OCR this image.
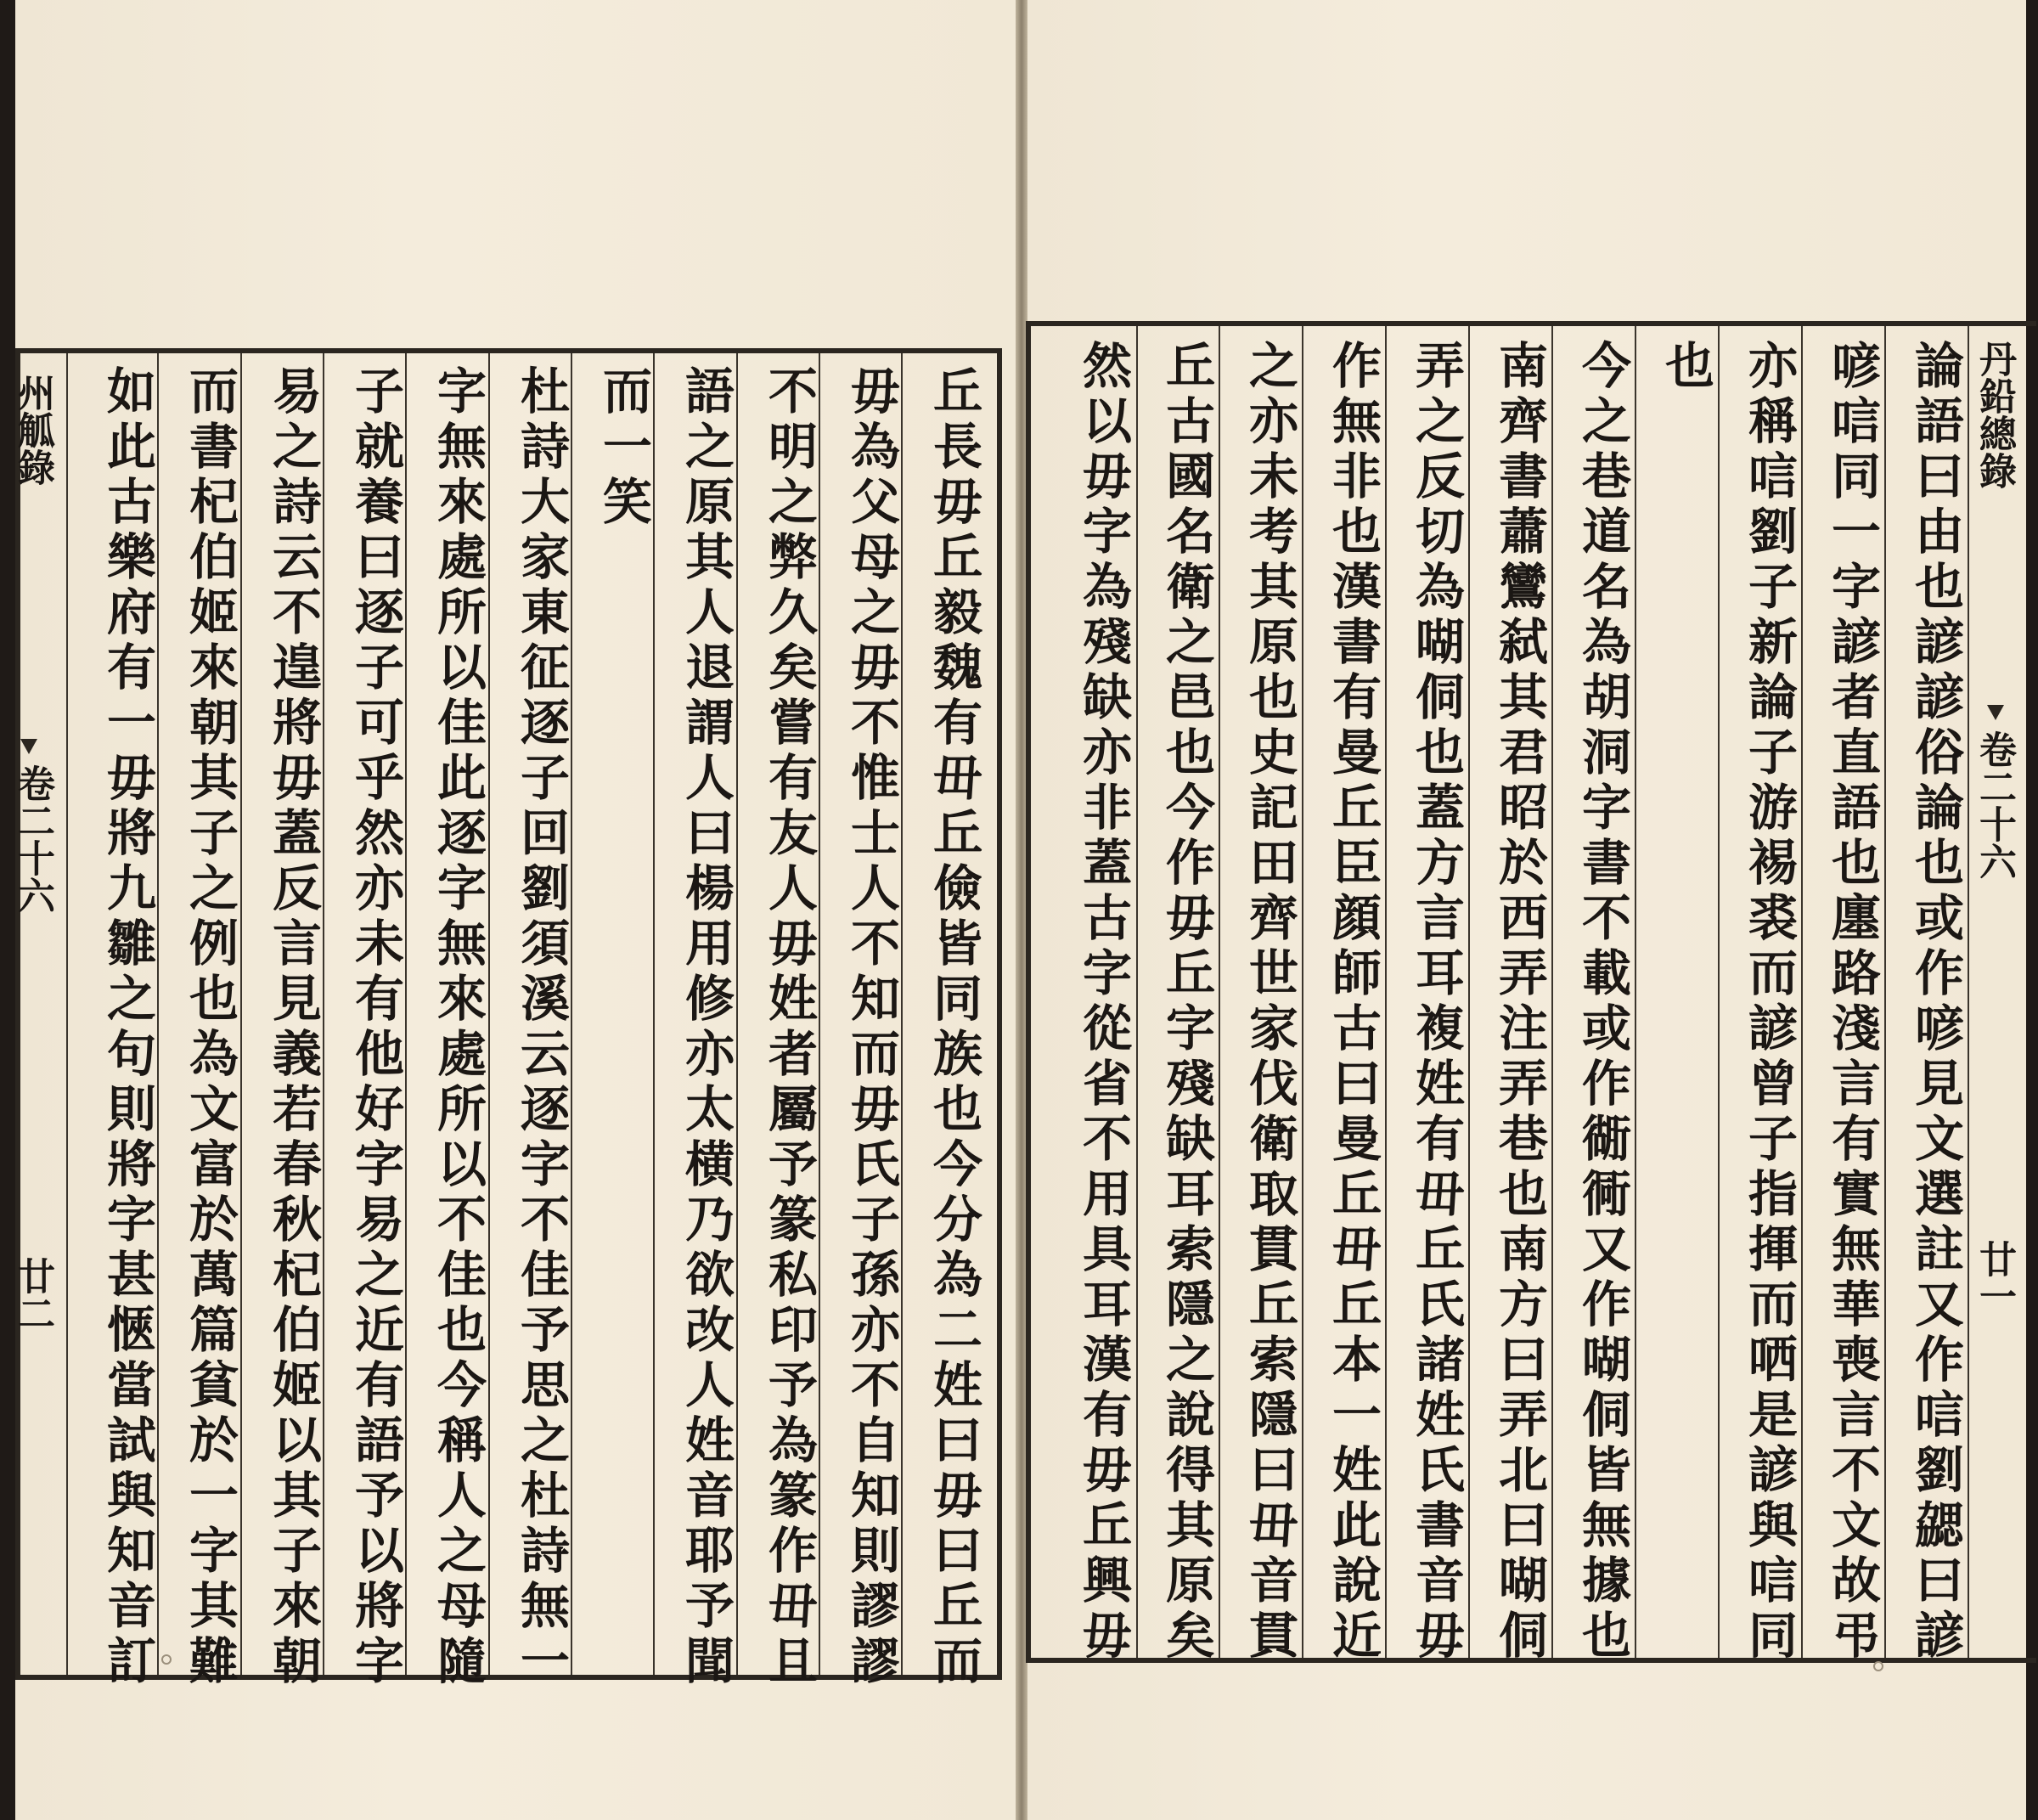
州觚錄
卷二十六
廿二	丘長毋丘毅魏有毌丘儉皆同族也今分為二姓曰毋曰丘而
毋為父母之毋不惟士人不知而毋氏子孫亦不自知則謬謬
不明之弊久矣嘗有友人毋姓者屬予篆私印予為篆作毌且
語之原其人退謂人曰楊用修亦太横乃欲改人姓音耶予聞
而一笑
杜詩大家東征逐子回劉須溪云逐字不佳予思之杜詩無一
字無來處所以佳此逐字無來處所以不佳也今稱人之母隨
子就養曰逐子可乎然亦未有他好字易之近有語予以將字
易之詩云不遑將毋蓋反言見義若春秋杞伯姬以其子來朝
而書杞伯姬來朝其子之例也為文富於萬篇貧於一字其難
如此古樂府有一毋將九雛之句則將字甚愜當試與知音訂	論語曰由也諺諺俗論也或作喭見文選註又作唁劉勰曰諺
喭唁同一字諺者直語也廛路淺言有實無華喪言不文故弔
亦稱唁劉子新論子游裼裘而諺曾子指揮而哂是諺與唁同
也
今之巷道名為胡洞字書不載或作衚衕又作㗅侗皆無據也
南齊書蕭鸞弑其君昭於西弄注弄巷也南方曰弄北曰㗅侗
弄之反切為㗅侗也蓋方言耳複姓有毌丘氏諸姓氏書音毋
作無非也漢書有曼丘臣顔師古曰曼丘毌丘本一姓此說近
之亦未考其原也史記田齊世家伐衛取貫丘索隱曰毌音貫
丘古國名衛之邑也今作毋丘字殘缺耳索隱之說得其原矣
然以毋字為殘缺亦非蓋古字從省不用具耳漢有毋丘興毋	丹鉛總錄
卷二十六
廿一
